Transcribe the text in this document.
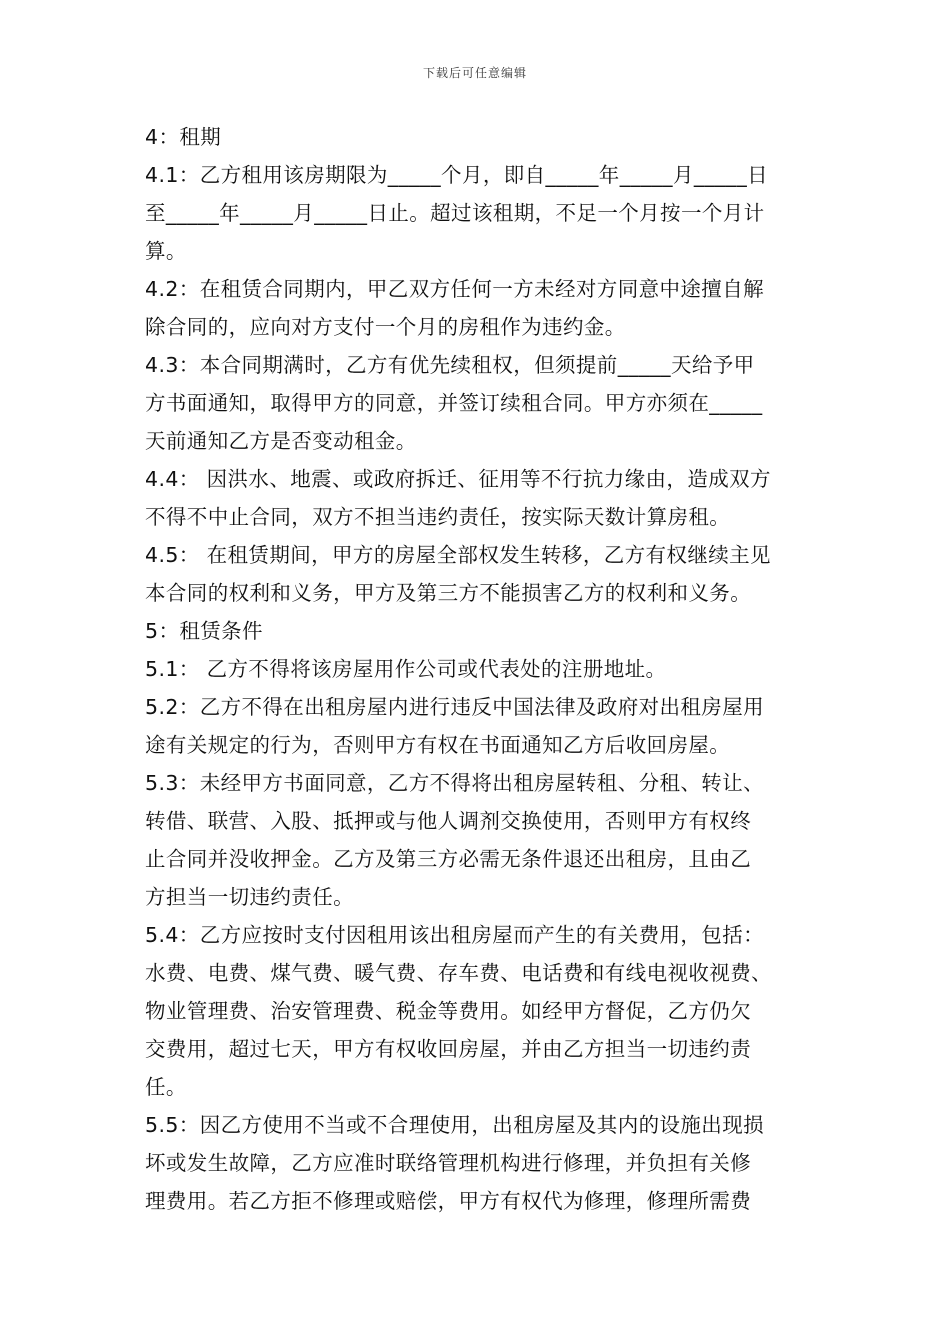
下载后可任意编辑
4：租期
4.1：乙方租用该房期限为_____个月，即自_____年_____月_____日
至_____年_____月_____日止。超过该租期，不足一个月按一个月计
算。
4.2：在租赁合同期内，甲乙双方任何一方未经对方同意中途擅自解
除合同的，应向对方支付一个月的房租作为违约金。
4.3：本合同期满时，乙方有优先续租权，但须提前_____天给予甲
方书面通知，取得甲方的同意，并签订续租合同。甲方亦须在_____
天前通知乙方是否变动租金。
4.4： 因洪水、地震、或政府拆迁、征用等不行抗力缘由，造成双方
不得不中止合同，双方不担当违约责任，按实际天数计算房租。
4.5： 在租赁期间，甲方的房屋全部权发生转移，乙方有权继续主见
本合同的权利和义务，甲方及第三方不能损害乙方的权利和义务。
5：租赁条件
5.1： 乙方不得将该房屋用作公司或代表处的注册地址。
5.2：乙方不得在出租房屋内进行违反中国法律及政府对出租房屋用
途有关规定的行为，否则甲方有权在书面通知乙方后收回房屋。
5.3：未经甲方书面同意，乙方不得将出租房屋转租、分租、转让、
转借、联营、入股、抵押或与他人调剂交换使用，否则甲方有权终
止合同并没收押金。乙方及第三方必需无条件退还出租房，且由乙
方担当一切违约责任。
5.4：乙方应按时支付因租用该出租房屋而产生的有关费用，包括：
水费、电费、煤气费、暖气费、存车费、电话费和有线电视收视费、
物业管理费、治安管理费、税金等费用。如经甲方督促，乙方仍欠
交费用，超过七天，甲方有权收回房屋，并由乙方担当一切违约责
任。
5.5：因乙方使用不当或不合理使用，出租房屋及其内的设施出现损
坏或发生故障，乙方应准时联络管理机构进行修理，并负担有关修
理费用。若乙方拒不修理或赔偿，甲方有权代为修理，修理所需费
